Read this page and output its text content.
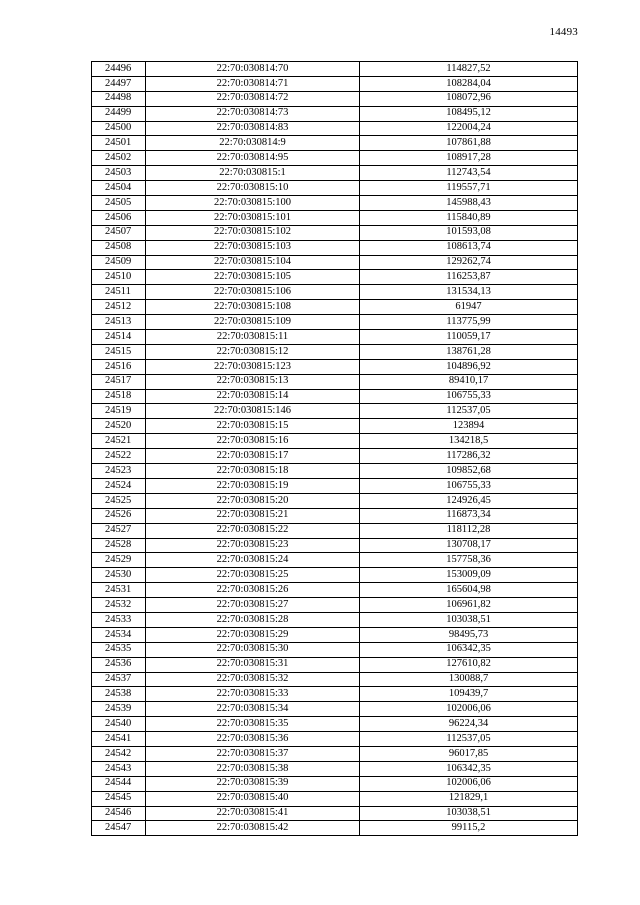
14493
24496	22:70:030814:70	114827,52
24497	22:70:030814:71	108284,04
24498	22:70:030814:72	108072,96
24499	22:70:030814:73	108495,12
24500	22:70:030814:83	122004,24
24501	22:70:030814:9	107861,88
24502	22:70:030814:95	108917,28
24503	22:70:030815:1	112743,54
24504	22:70:030815:10	119557,71
24505	22:70:030815:100	145988,43
24506	22:70:030815:101	115840,89
24507	22:70:030815:102	101593,08
24508	22:70:030815:103	108613,74
24509	22:70:030815:104	129262,74
24510	22:70:030815:105	116253,87
24511	22:70:030815:106	131534,13
24512	22:70:030815:108	61947
24513	22:70:030815:109	113775,99
24514	22:70:030815:11	110059,17
24515	22:70:030815:12	138761,28
24516	22:70:030815:123	104896,92
24517	22:70:030815:13	89410,17
24518	22:70:030815:14	106755,33
24519	22:70:030815:146	112537,05
24520	22:70:030815:15	123894
24521	22:70:030815:16	134218,5
24522	22:70:030815:17	117286,32
24523	22:70:030815:18	109852,68
24524	22:70:030815:19	106755,33
24525	22:70:030815:20	124926,45
24526	22:70:030815:21	116873,34
24527	22:70:030815:22	118112,28
24528	22:70:030815:23	130708,17
24529	22:70:030815:24	157758,36
24530	22:70:030815:25	153009,09
24531	22:70:030815:26	165604,98
24532	22:70:030815:27	106961,82
24533	22:70:030815:28	103038,51
24534	22:70:030815:29	98495,73
24535	22:70:030815:30	106342,35
24536	22:70:030815:31	127610,82
24537	22:70:030815:32	130088,7
24538	22:70:030815:33	109439,7
24539	22:70:030815:34	102006,06
24540	22:70:030815:35	96224,34
24541	22:70:030815:36	112537,05
24542	22:70:030815:37	96017,85
24543	22:70:030815:38	106342,35
24544	22:70:030815:39	102006,06
24545	22:70:030815:40	121829,1
24546	22:70:030815:41	103038,51
24547	22:70:030815:42	99115,2
